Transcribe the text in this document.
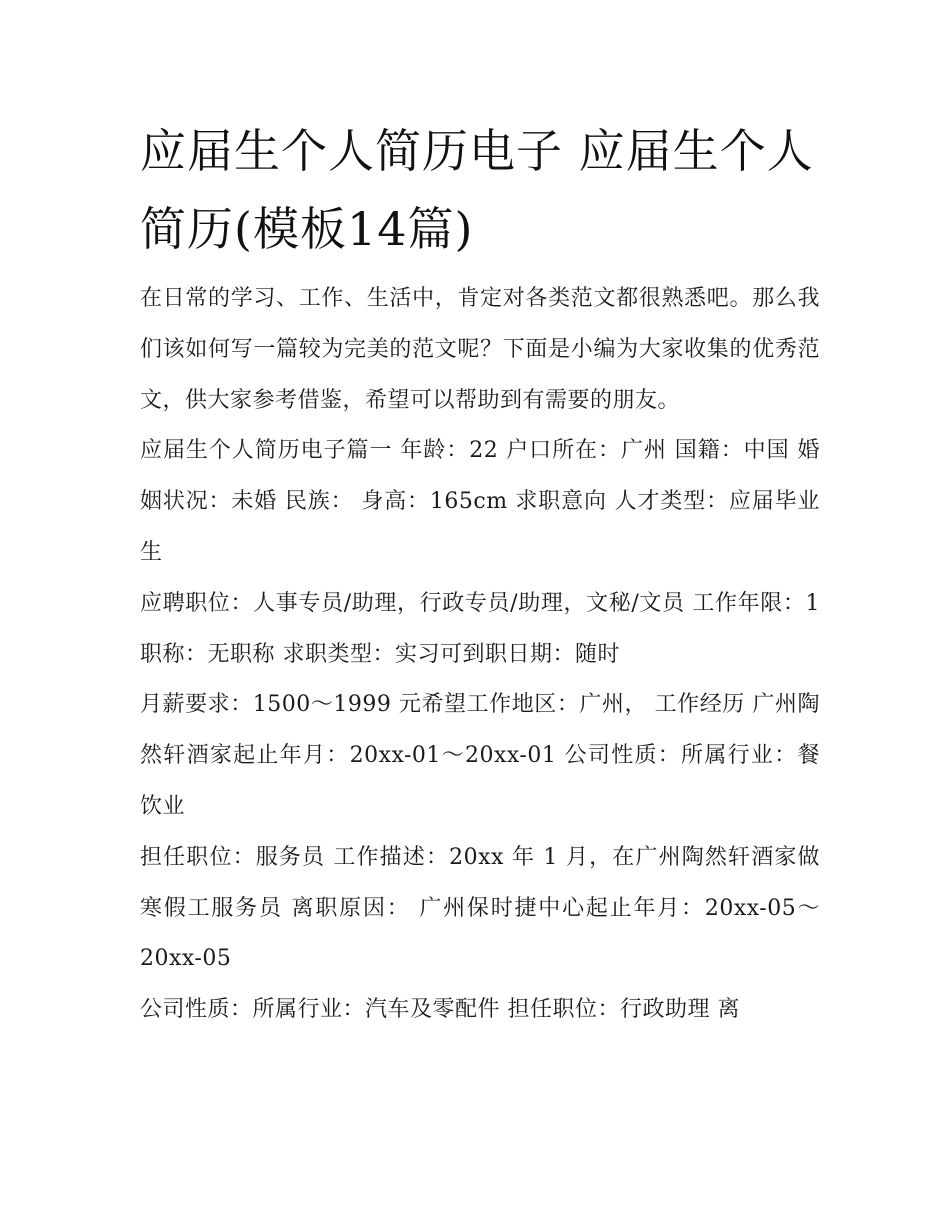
应届生个人简历电子 应届生个人简历(模板14篇)

在日常的学习、工作、生活中，肯定对各类范文都很熟悉吧。那么我们该如何写一篇较为完美的范文呢？下面是小编为大家收集的优秀范文，供大家参考借鉴，希望可以帮助到有需要的朋友。

应届生个人简历电子篇一 年龄：22 户口所在：广州 国籍：中国 婚姻状况：未婚 民族： 身高：165cm 求职意向 人才类型：应届毕业生

应聘职位：人事专员/助理，行政专员/助理，文秘/文员 工作年限：1 职称：无职称 求职类型：实习可到职日期：随时

月薪要求：1500～1999 元希望工作地区：广州， 工作经历 广州陶然轩酒家起止年月：20xx-01～20xx-01 公司性质：所属行业：餐饮业

担任职位：服务员 工作描述：20xx 年 1 月，在广州陶然轩酒家做寒假工服务员 离职原因： 广州保时捷中心起止年月：20xx-05～20xx-05

公司性质：所属行业：汽车及零配件 担任职位：行政助理 离
